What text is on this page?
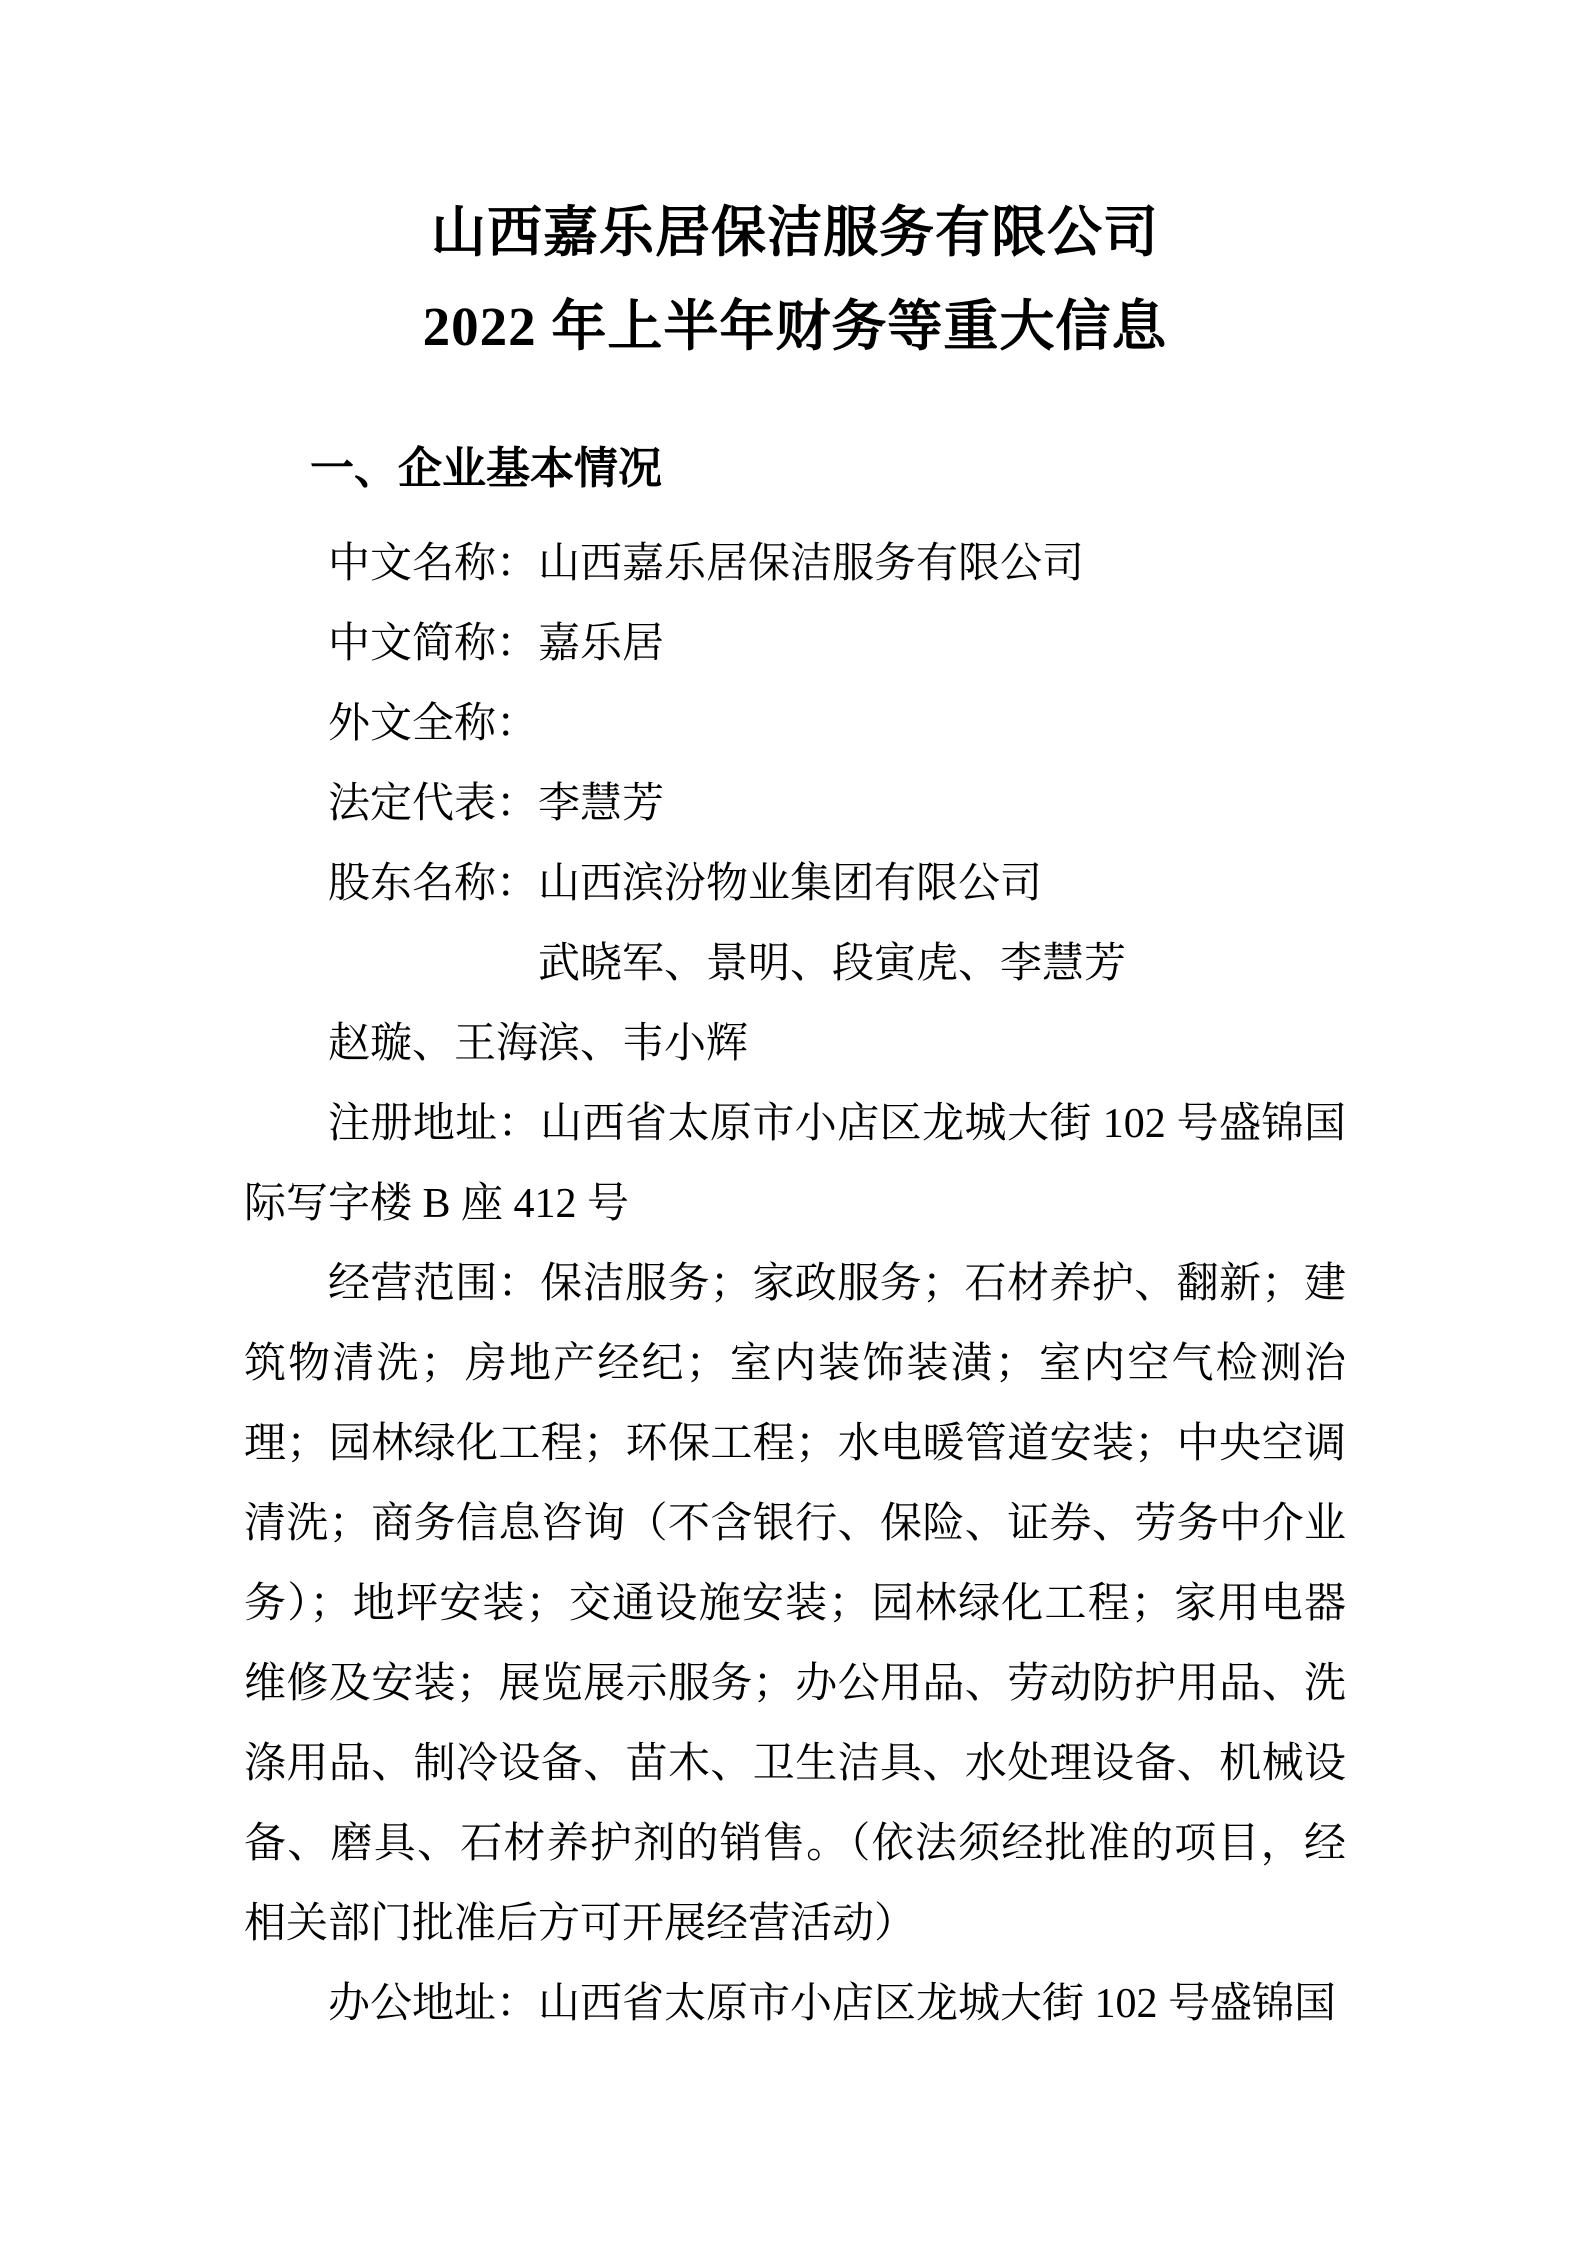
山西嘉乐居保洁服务有限公司
2022 年上半年财务等重大信息
一、企业基本情况

中文名称：山西嘉乐居保洁服务有限公司

中文简称：嘉乐居

外文全称：

法定代表：李慧芳

股东名称：山西滨汾物业集团有限公司

武晓军、景明、段寅虎、李慧芳

赵璇、王海滨、韦小辉

注册地址：山西省太原市小店区龙城大街 102 号盛锦国际写字楼 B 座 412 号

经营范围：保洁服务；家政服务；石材养护、翻新；建筑物清洗；房地产经纪；室内装饰装潢；室内空气检测治理；园林绿化工程；环保工程；水电暖管道安装；中央空调清洗；商务信息咨询（不含银行、保险、证券、劳务中介业务）；地坪安装；交通设施安装；园林绿化工程；家用电器维修及安装；展览展示服务；办公用品、劳动防护用品、洗涤用品、制冷设备、苗木、卫生洁具、水处理设备、机械设备、磨具、石材养护剂的销售。（依法须经批准的项目，经相关部门批准后方可开展经营活动）

办公地址：山西省太原市小店区龙城大街 102 号盛锦国
